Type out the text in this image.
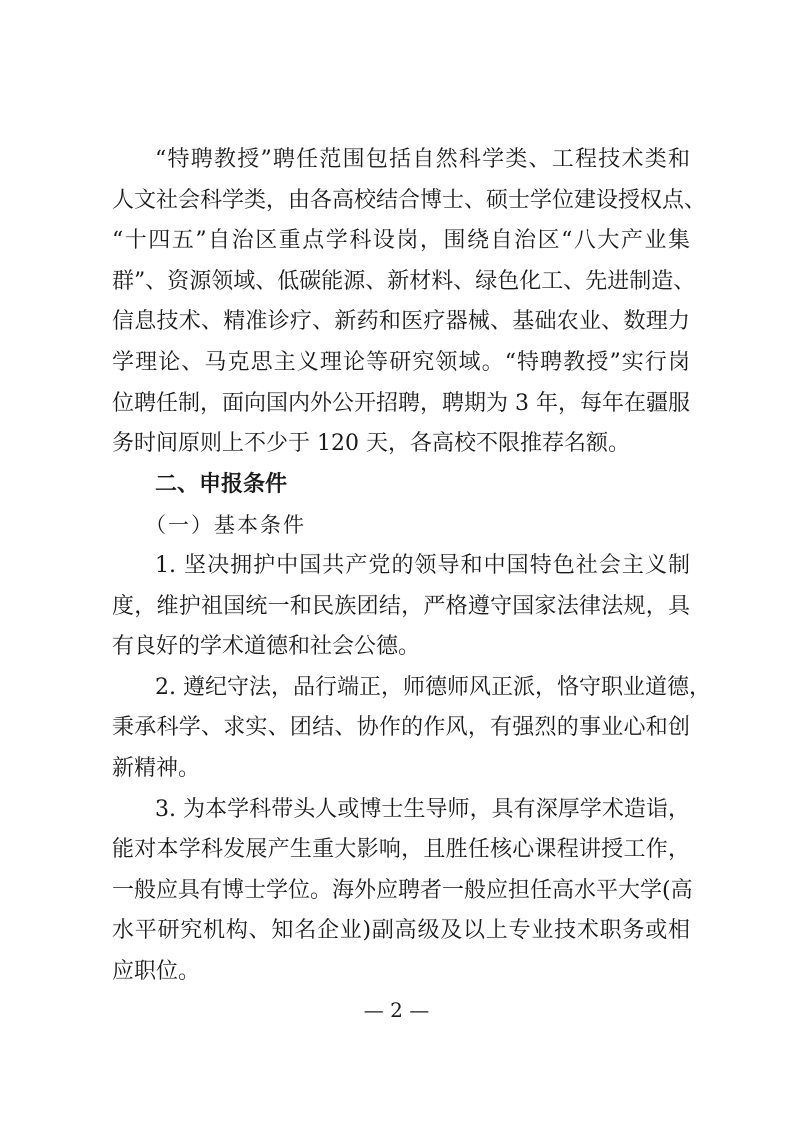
“特聘教授”聘任范围包括自然科学类、工程技术类和
人文社会科学类，由各高校结合博士、硕士学位建设授权点、
“十四五”自治区重点学科设岗，围绕自治区“八大产业集
群”、资源领域、低碳能源、新材料、绿色化工、先进制造、
信息技术、精准诊疗、新药和医疗器械、基础农业、数理力
学理论、马克思主义理论等研究领域。“特聘教授”实行岗
位聘任制，面向国内外公开招聘，聘期为 3 年，每年在疆服
务时间原则上不少于 120 天，各高校不限推荐名额。
二、申报条件
（一）基本条件
1. 坚决拥护中国共产党的领导和中国特色社会主义制
度，维护祖国统一和民族团结，严格遵守国家法律法规，具
有良好的学术道德和社会公德。
2. 遵纪守法，品行端正，师德师风正派，恪守职业道德，
秉承科学、求实、团结、协作的作风，有强烈的事业心和创
新精神。
3. 为本学科带头人或博士生导师，具有深厚学术造诣，
能对本学科发展产生重大影响，且胜任核心课程讲授工作，
一般应具有博士学位。海外应聘者一般应担任高水平大学(高
水平研究机构、知名企业)副高级及以上专业技术职务或相
应职位。
— 2 —
